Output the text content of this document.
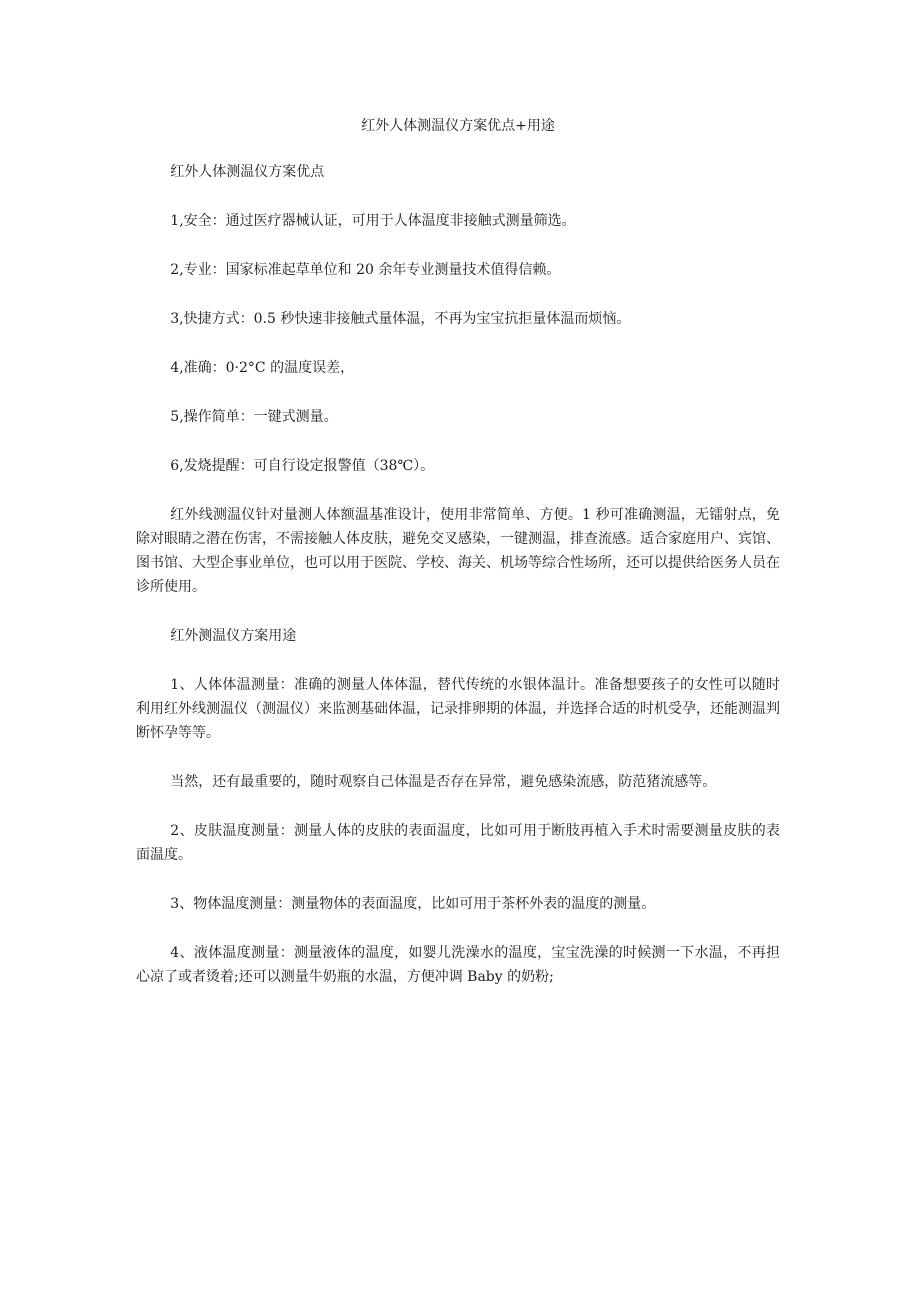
红外人体测温仪方案优点+用途

红外人体测温仪方案优点

1,安全：通过医疗器械认证，可用于人体温度非接触式测量筛选。

2,专业：国家标准起草单位和 20 余年专业测量技术值得信赖。

3,快捷方式：0.5 秒快速非接触式量体温，不再为宝宝抗拒量体温而烦恼。

4,准确：0·2°C 的温度误差，

5,操作简单：一键式测量。

6,发烧提醒：可自行设定报警值（38℃）。

红外线测温仪针对量测人体额温基准设计，使用非常简单、方便。1 秒可准确测温，无镭射点，免除对眼睛之潜在伤害，不需接触人体皮肤，避免交叉感染，一键测温，排查流感。适合家庭用户、宾馆、图书馆、大型企事业单位，也可以用于医院、学校、海关、机场等综合性场所，还可以提供给医务人员在诊所使用。

红外测温仪方案用途

1、人体体温测量：准确的测量人体体温，替代传统的水银体温计。准备想要孩子的女性可以随时利用红外线测温仪（测温仪）来监测基础体温，记录排卵期的体温，并选择合适的时机受孕，还能测温判断怀孕等等。

当然，还有最重要的，随时观察自己体温是否存在异常，避免感染流感，防范猪流感等。

2、皮肤温度测量：测量人体的皮肤的表面温度，比如可用于断肢再植入手术时需要测量皮肤的表面温度。

3、物体温度测量：测量物体的表面温度，比如可用于茶杯外表的温度的测量。

4、液体温度测量：测量液体的温度，如婴儿洗澡水的温度，宝宝洗澡的时候测一下水温，不再担心凉了或者烫着;还可以测量牛奶瓶的水温，方便冲调 Baby 的奶粉;
